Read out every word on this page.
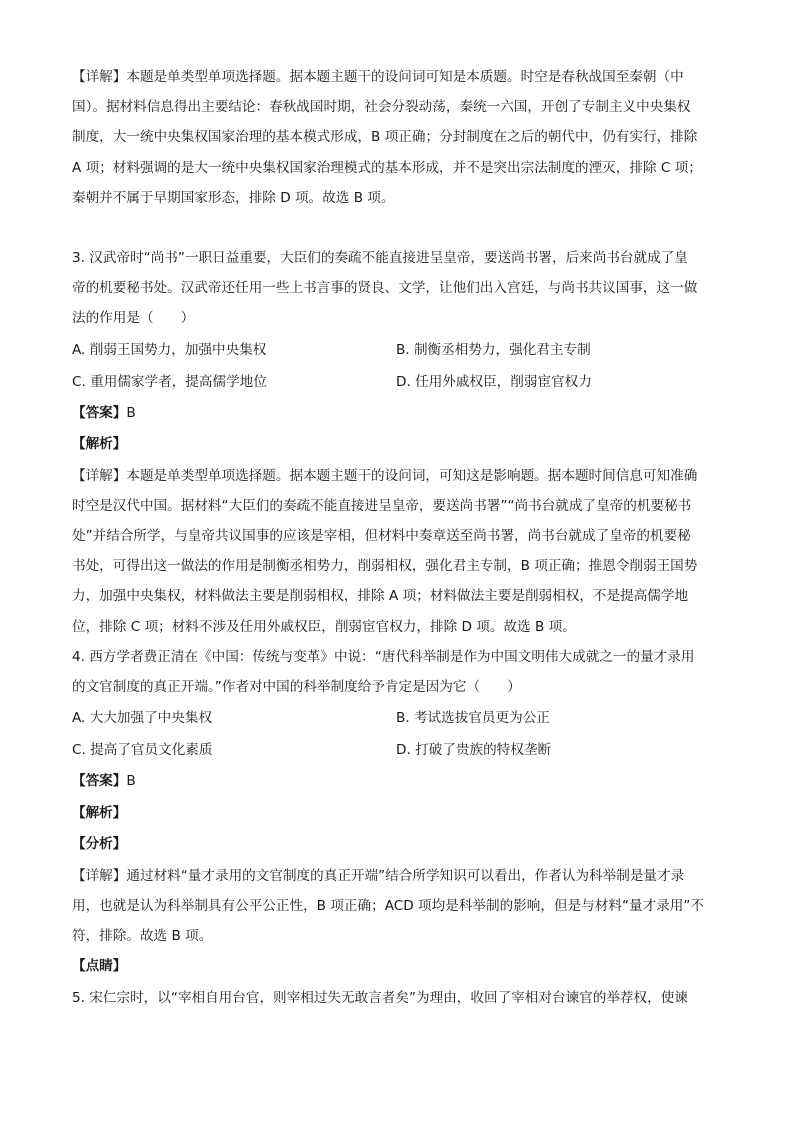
【详解】本题是单类型单项选择题。据本题主题干的设问词可知是本质题。时空是春秋战国至秦朝（中

国）。据材料信息得出主要结论：春秋战国时期，社会分裂动荡，秦统一六国，开创了专制主义中央集权

制度，大一统中央集权国家治理的基本模式形成，B 项正确；分封制度在之后的朝代中，仍有实行，排除

A 项；材料强调的是大一统中央集权国家治理模式的基本形成，并不是突出宗法制度的湮灭，排除 C 项；

秦朝并不属于早期国家形态，排除 D 项。故选 B 项。

3. 汉武帝时“尚书”一职日益重要，大臣们的奏疏不能直接进呈皇帝，要送尚书署，后来尚书台就成了皇

帝的机要秘书处。汉武帝还任用一些上书言事的贤良、文学，让他们出入宫廷，与尚书共议国事，这一做

法的作用是（　　）

A. 削弱王国势力，加强中央集权	B. 制衡丞相势力，强化君主专制
C. 重用儒家学者，提高儒学地位	D. 任用外戚权臣，削弱宦官权力
【答案】B
【解析】

【详解】本题是单类型单项选择题。据本题主题干的设问词，可知这是影响题。据本题时间信息可知准确

时空是汉代中国。据材料“大臣们的奏疏不能直接进呈皇帝，要送尚书署”“尚书台就成了皇帝的机要秘书

处”并结合所学，与皇帝共议国事的应该是宰相，但材料中奏章送至尚书署，尚书台就成了皇帝的机要秘

书处，可得出这一做法的作用是制衡丞相势力，削弱相权，强化君主专制，B 项正确；推恩令削弱王国势

力，加强中央集权，材料做法主要是削弱相权，排除 A 项；材料做法主要是削弱相权，不是提高儒学地

位，排除 C 项；材料不涉及任用外戚权臣，削弱宦官权力，排除 D 项。故选 B 项。

4. 西方学者费正清在《中国：传统与变革》中说：“唐代科举制是作为中国文明伟大成就之一的量才录用

的文官制度的真正开端。”作者对中国的科举制度给予肯定是因为它（　　）

A. 大大加强了中央集权	B. 考试选拔官员更为公正
C. 提高了官员文化素质	D. 打破了贵族的特权垄断
【答案】B
【解析】
【分析】

【详解】通过材料“量才录用的文官制度的真正开端”结合所学知识可以看出，作者认为科举制是量才录

用，也就是认为科举制具有公平公正性，B 项正确；ACD 项均是科举制的影响，但是与材料“量才录用”不

符，排除。故选 B 项。

【点睛】

5. 宋仁宗时，以“宰相自用台官，则宰相过失无敢言者矣”为理由，收回了宰相对台谏官的举荐权，使谏
